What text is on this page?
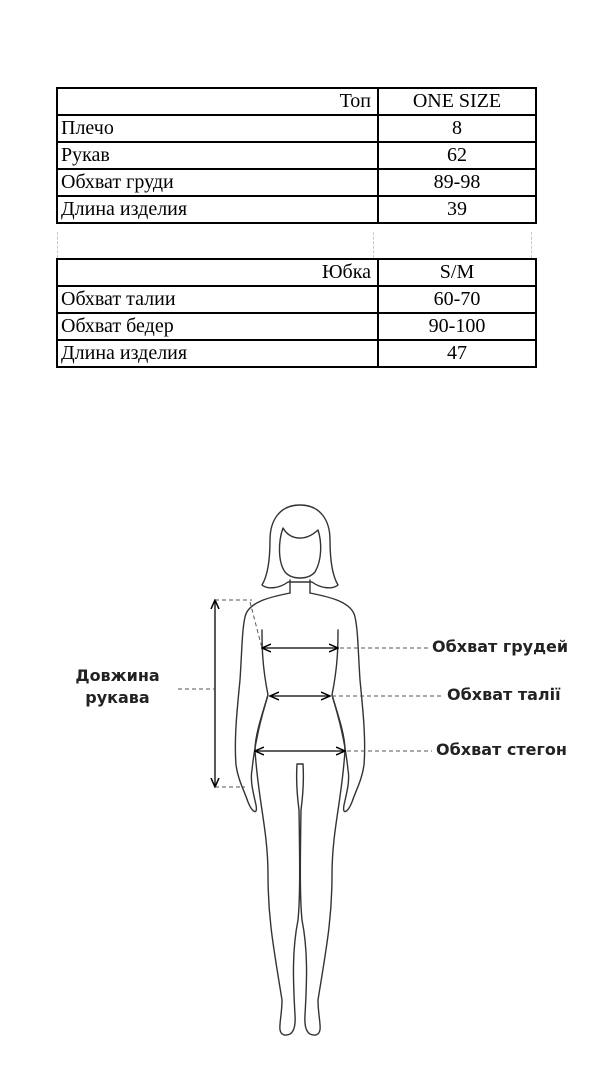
Топ	ONE SIZE
Плечо	8
Рукав	62
Обхват груди	89-98
Длина изделия	39
Юбка	S/M
Обхват талии	60-70
Обхват бедер	90-100
Длина изделия	47
Довжина
рукава
Обхват грудей
Обхват талії
Обхват стегон
